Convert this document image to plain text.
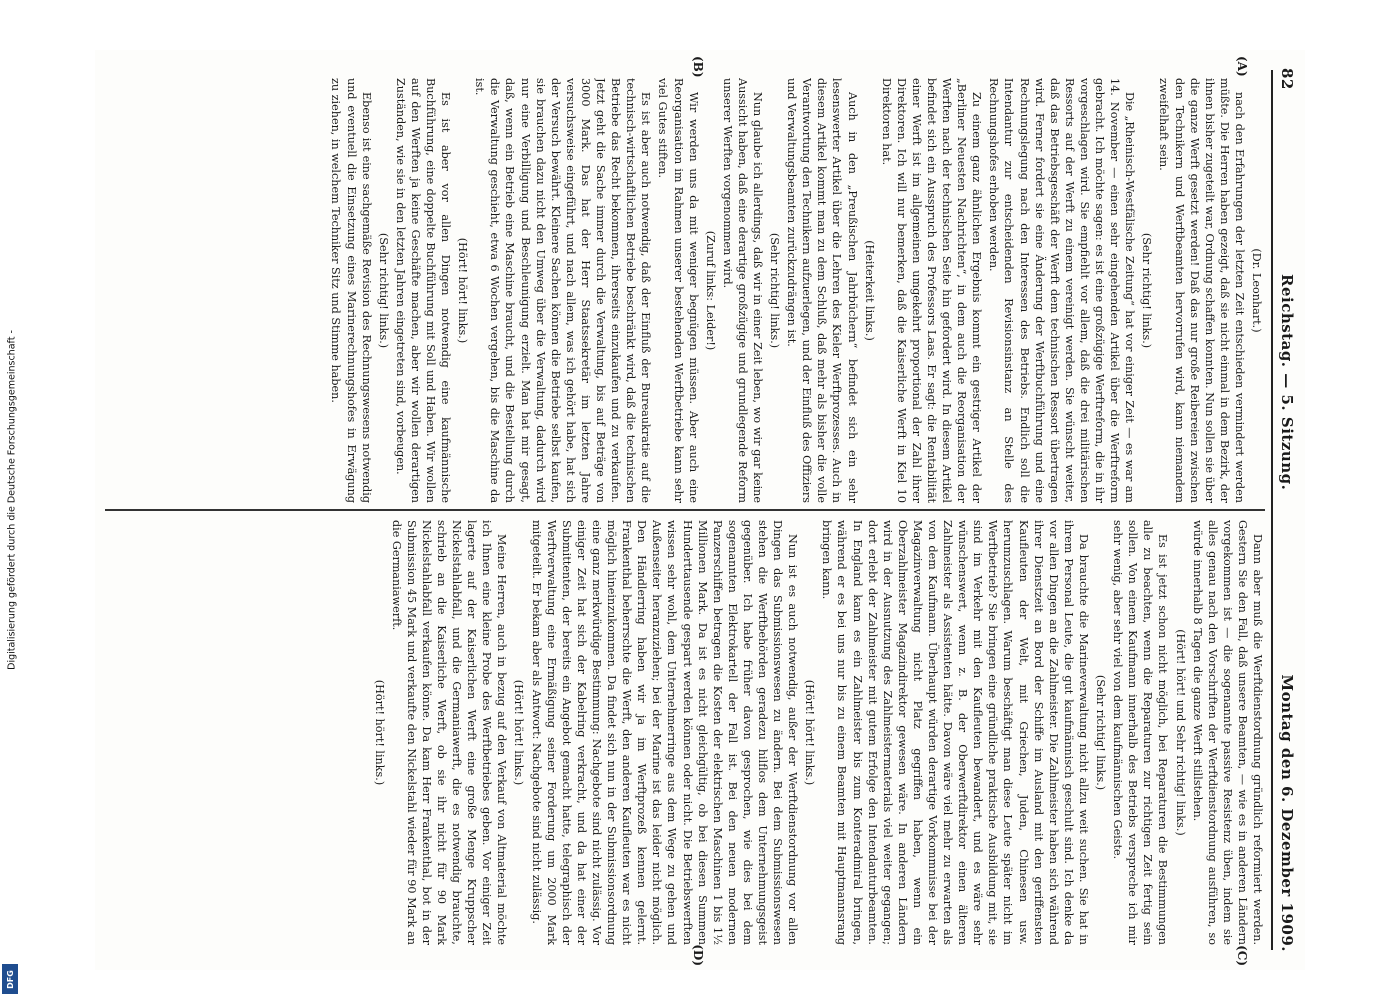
82
Reichstag. — 5. Sitzung.
Montag den 6. Dezember 1909.
(A)
(B)
(C)
(D)

(Dr. Leonhart.)

nach den Erfahrungen der letzten Zeit entschieden vermindert werden müßte. Die Herren haben gezeigt, daß sie nicht einmal in dem Bezirk, der ihnen bisher zugeteilt war, Ordnung schaffen konnten. Nun sollen sie über die ganze Werft gesetzt werden! Daß das nur große Reibereien zwischen den Technikern und Werftbeamten hervorrufen wird, kann niemandem zweifelhaft sein.

(Sehr richtig! links.)

Die „Rheinisch-Westfälische Zeitung“ hat vor einiger Zeit — es war am 14. November — einen sehr eingehenden Artikel über die Werftreform gebracht. Ich möchte sagen: es ist eine großzügige Werftreform, die in ihr vorgeschlagen wird. Sie empfiehlt vor allem, daß die drei militärischen Ressorts auf der Werft zu einem vereinigt werden. Sie wünscht weiter, daß das Betriebsgeschäft der Werft dem technischen Ressort übertragen wird. Ferner fordert sie eine Änderung der Werftbuchführung und eine Rechnungslegung nach den Interessen des Betriebs. Endlich soll die Intendantur zur entscheidenden Revisionsinstanz an Stelle des Rechnungshofes erhoben werden.

Zu einem ganz ähnlichen Ergebnis kommt ein gestriger Artikel der „Berliner Neuesten Nachrichten“, in dem auch die Reorganisation der Werften nach der technischen Seite hin gefordert wird. In diesem Artikel befindet sich ein Ausspruch des Professors Laas. Er sagt: die Rentabilität einer Werft ist im allgemeinen umgekehrt proportional der Zahl ihrer Direktoren. Ich will nur bemerken, daß die Kaiserliche Werft in Kiel 10 Direktoren hat.

(Heiterkeit links.)

Auch in den „Preußischen Jahrbüchern“ befindet sich ein sehr lesenswerter Artikel über die Lehren des Kieler Werftprozesses. Auch in diesem Artikel kommt man zu dem Schluß, daß mehr als bisher die volle Verantwortung den Technikern aufzuerlegen, und der Einfluß des Offiziers und Verwaltungsbeamten zurückzudrängen ist.

(Sehr richtig! links.)

Nun glaube ich allerdings, daß wir in einer Zeit leben, wo wir gar keine Aussicht haben, daß eine derartige großzügige und grundlegende Reform unserer Werften vorgenommen wird.

(Zuruf links: Leider!)

Wir werden uns da mit weniger begnügen müssen. Aber auch eine Reorganisation im Rahmen unserer bestehenden Werftbetriebe kann sehr viel Gutes stiften.

Es ist aber auch notwendig, daß der Einfluß der Bureaukratie auf die technisch-wirtschaftlichen Betriebe beschränkt wird, daß die technischen Betriebe das Recht bekommen, ihrerseits einzukaufen und zu verkaufen. Jetzt geht die Sache immer durch die Verwaltung, bis auf Beträge von 3000 Mark. Das hat der Herr Staatssekretär im letzten Jahre versuchsweise eingeführt, und nach allem, was ich gehört habe, hat sich der Versuch bewährt. Kleinere Sachen können die Betriebe selbst kaufen, sie brauchen dazu nicht den Umweg über die Verwaltung, dadurch wird nur eine Verbilligung und Beschleunigung erzielt. Man hat mir gesagt, daß, wenn ein Betrieb eine Maschine braucht, und die Bestellung durch die Verwaltung geschieht, etwa 6 Wochen vergehen, bis die Maschine da ist.

(Hört! hört! links.)

Es ist aber vor allen Dingen notwendig eine kaufmännische Buchführung, eine doppelte Buchführung mit Soll und Haben. Wir wollen auf den Werften ja keine Geschäfte machen, aber wir wollen derartigen Zuständen, wie sie in den letzten Jahren eingetreten sind, vorbeugen.

(Sehr richtig! links.)

Ebenso ist eine sachgemäße Revision des Rechnungswesens notwendig und eventuell die Einsetzung eines Marinerechnungshofes in Erwägung zu ziehen, in welchem Techniker Sitz und Stimme haben.

Dann aber muß die Werftdienstordnung gründlich reformiert werden. Gestern Sie den Fall, daß unsere Beamten, — wie es in anderen Ländern vorgekommen ist — die sogenannte passive Resistenz üben, indem sie alles genau nach den Vorschriften der Werftdienstordnung ausführen, so würde innerhalb 8 Tagen die ganze Werft stillstehen.

(Hört! hört! und Sehr richtig! links.)

Es ist jetzt schon nicht möglich, bei Reparaturen die Bestimmungen alle zu beachten, wenn die Reparaturen zur richtigen Zeit fertig sein sollen. Von einem Kaufmann innerhalb des Betriebs verspreche ich mir sehr wenig, aber sehr viel von dem kaufmännischen Geiste.

(Sehr richtig! links.)

Da brauchte die Marineverwaltung nicht allzu weit suchen. Sie hat in ihrem Personal Leute, die gut kaufmännisch geschult sind. Ich denke da vor allen Dingen an die Zahlmeister. Die Zahlmeister haben sich während ihrer Dienstzeit an Bord der Schiffe im Ausland mit den geriffensten Kaufleuten der Welt, mit Griechen, Juden, Chinesen usw. herumzuschlagen. Warum beschäftigt man diese Leute später nicht im Werftbetrieb? Sie bringen eine gründliche praktische Ausbildung mit, sie sind im Verkehr mit den Kaufleuten bewandert, und es wäre sehr wünschenswert, wenn z. B. der Oberwerftdirektor einen älteren Zahlmeister als Assistenten hätte. Davon wäre viel mehr zu erwarten als von dem Kaufmann. Überhaupt würden derartige Vorkommnisse bei der Magazinverwaltung nicht Platz gegriffen haben, wenn ein Oberzahlmeister Magazindirektor gewesen wäre. In anderen Ländern wird in der Ausnutzung des Zahlmeistermaterials viel weiter gegangen; dort erlebt der Zahlmeister mit gutem Erfolge den Intendanturbeamten. In England kann es ein Zahlmeister bis zum Konteradmiral bringen, während er es bei uns nur bis zu einem Beamten mit Hauptmannsrang bringen kann.

(Hört! hört! links.)

Nun ist es auch notwendig, außer der Werftdienstordnung vor allen Dingen das Submissionswesen zu ändern. Bei dem Submissionswesen stehen die Werftbehörden geradezu hilflos dem Unternehmungsgeist gegenüber. Ich habe früher davon gesprochen, wie dies bei dem sogenannten Elektrokartell der Fall ist. Bei den neuen modernen Panzerschiffen betragen die Kosten der elektrischen Maschinen 1 bis 1½ Millionen Mark. Da ist es nicht gleichgültig, ob bei diesen Summen Hunderttausende gespart werden können oder nicht. Die Betriebswerften wissen sehr wohl, dem Unternehmerringe aus dem Wege zu gehen und Außenseiter heranzuziehen; bei der Marine ist das leider nicht möglich. Den Händlerring haben wir ja im Werftprozeß kennen gelernt. Frankenthal beherrschte die Werft, den anderen Kaufleuten war es nicht möglich hineinzukommen. Da findet sich nun in der Submissionsordnung eine ganz merkwürdige Bestimmung: Nachgebote sind nicht zulässig. Vor einiger Zeit hat sich der Kabelring verkracht, und da hat einer der Submittenten, der bereits ein Angebot gemacht hatte, telegraphisch der Werftverwaltung eine Ermäßigung seiner Forderung um 2000 Mark mitgeteilt. Er bekam aber als Antwort: Nachgebote sind nicht zulässig.

(Hört! hört! links.)

Meine Herren, auch in bezug auf den Verkauf von Altmaterial möchte ich Ihnen eine kleine Probe des Werftbetriebes geben. Vor einiger Zeit lagerte auf der Kaiserlichen Werft eine große Menge Kruppscher Nickelstahlabfall, und die Germaniawerft, die es notwendig brauchte, schrieb an die Kaiserliche Werft, ob sie ihr nicht für 90 Mark Nickelstahlabfall verkaufen könne. Da kam Herr Frankenthal, bot in der Submission 45 Mark und verkaufte den Nickelstahl wieder für 90 Mark an die Germaniawerft.

(Hört! hört! links.)

Digitalisierung gefördert durch die Deutsche Forschungsgemeinschaft -
DFG
